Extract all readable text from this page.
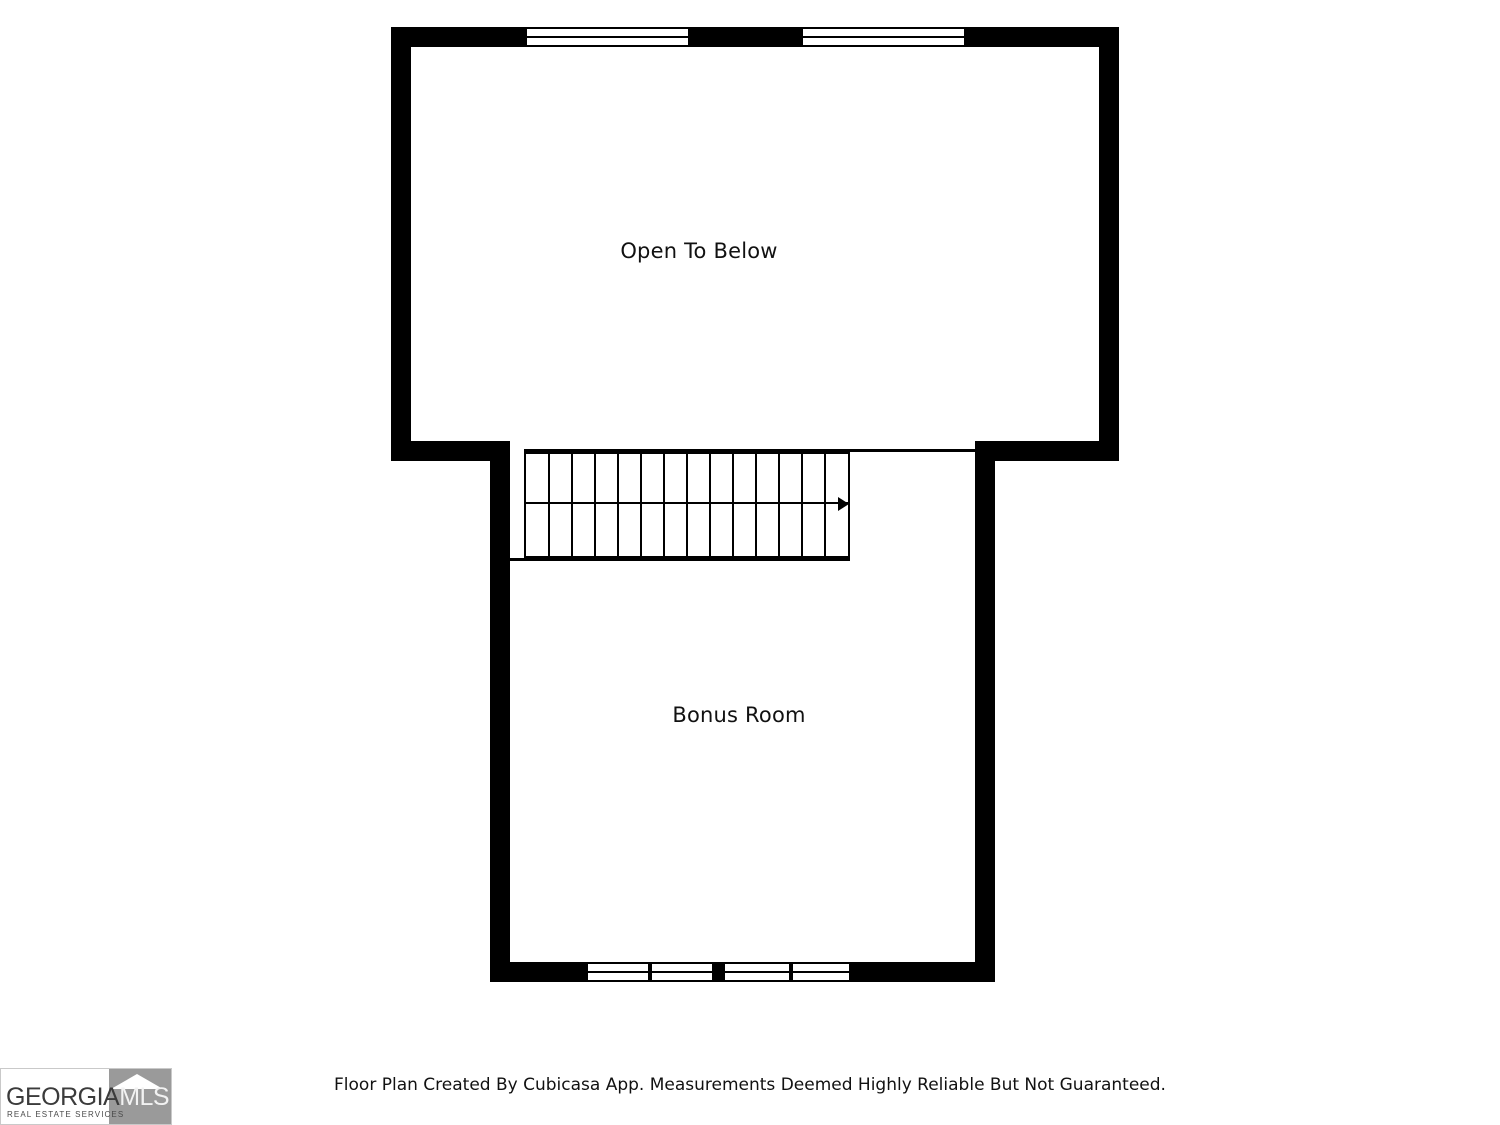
Open To Below
Bonus Room
Floor Plan Created By Cubicasa App. Measurements Deemed Highly Reliable But Not Guaranteed.
GEORGIAMLS
REAL ESTATE SERVICES
